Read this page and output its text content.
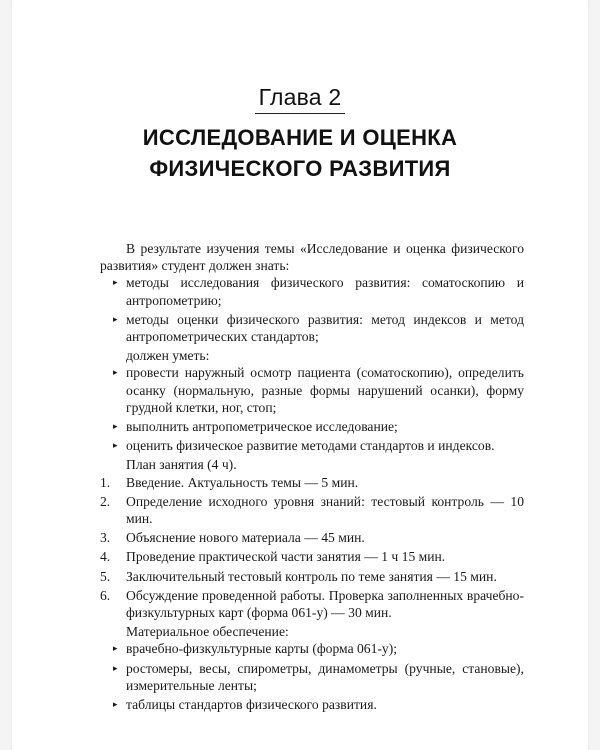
Глава 2
ИССЛЕДОВАНИЕ И ОЦЕНКА
ФИЗИЧЕСКОГО РАЗВИТИЯ

В результате изучения темы «Исследование и оценка физического развития» студент должен знать:

▸ методы исследования физического развития: соматоскопию и антропометрию;
▸ методы оценки физического развития: метод индексов и метод антропометрических стандартов;

должен уметь:

▸ провести наружный осмотр пациента (соматоскопию), определить осанку (нормальную, разные формы нарушений осанки), форму грудной клетки, ног, стоп;
▸ выполнить антропометрическое исследование;
▸ оценить физическое развитие методами стандартов и индексов.

План занятия (4 ч).

1. Введение. Актуальность темы — 5 мин.
2. Определение исходного уровня знаний: тестовый контроль — 10 мин.
3. Объяснение нового материала — 45 мин.
4. Проведение практической части занятия — 1 ч 15 мин.
5. Заключительный тестовый контроль по теме занятия — 15 мин.
6. Обсуждение проведенной работы. Проверка заполненных врачебно-физкультурных карт (форма 061-у) — 30 мин.

Материальное обеспечение:

▸ врачебно-физкультурные карты (форма 061-у);
▸ ростомеры, весы, спирометры, динамометры (ручные, становые), измерительные ленты;
▸ таблицы стандартов физического развития.
